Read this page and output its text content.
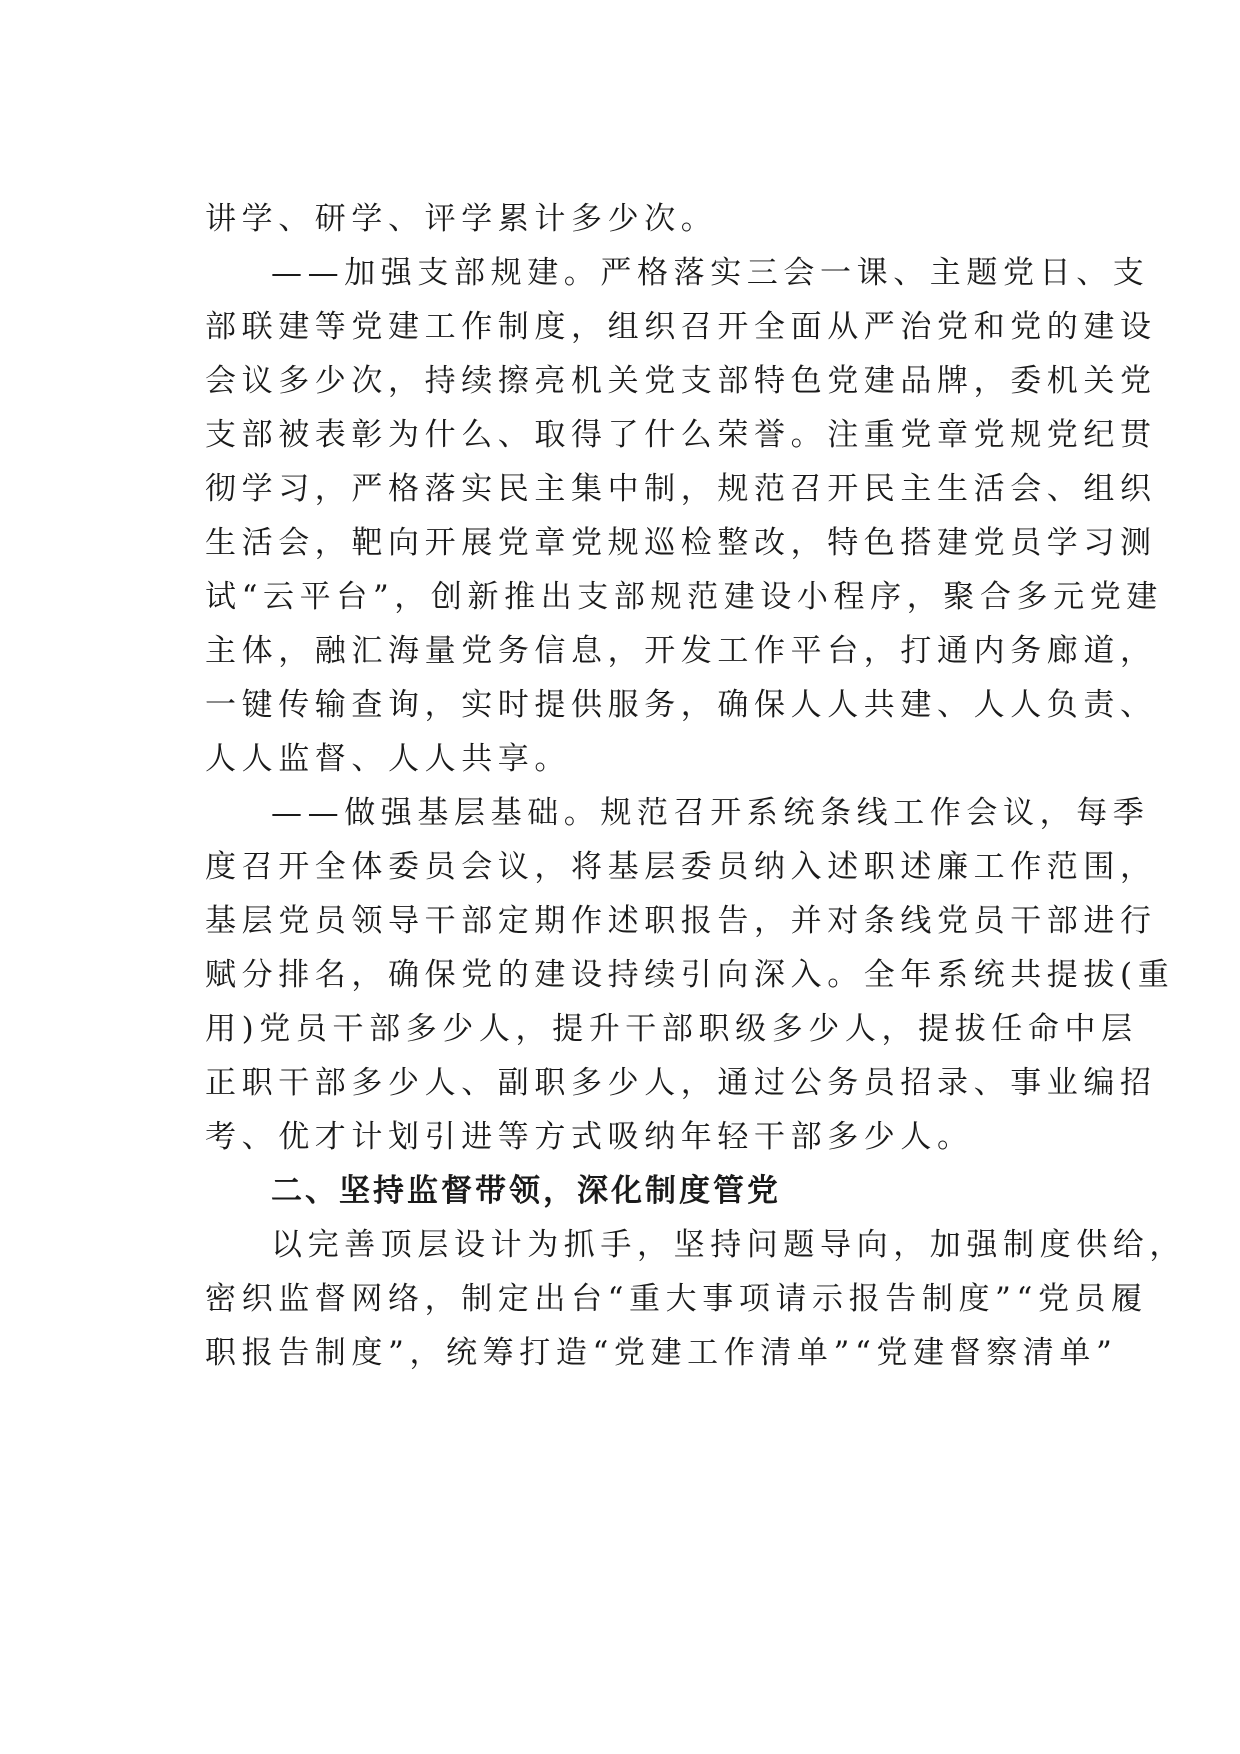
讲学、研学、评学累计多少次。
——加强支部规建。严格落实三会一课、主题党日、支
部联建等党建工作制度，组织召开全面从严治党和党的建设
会议多少次，持续擦亮机关党支部特色党建品牌，委机关党
支部被表彰为什么、取得了什么荣誉。注重党章党规党纪贯
彻学习，严格落实民主集中制，规范召开民主生活会、组织
生活会，靶向开展党章党规巡检整改，特色搭建党员学习测
试“云平台”，创新推出支部规范建设小程序，聚合多元党建
主体，融汇海量党务信息，开发工作平台，打通内务廊道，
一键传输查询，实时提供服务，确保人人共建、人人负责、
人人监督、人人共享。
——做强基层基础。规范召开系统条线工作会议，每季
度召开全体委员会议，将基层委员纳入述职述廉工作范围，
基层党员领导干部定期作述职报告，并对条线党员干部进行
赋分排名，确保党的建设持续引向深入。全年系统共提拔(重
用)党员干部多少人，提升干部职级多少人，提拔任命中层
正职干部多少人、副职多少人，通过公务员招录、事业编招
考、优才计划引进等方式吸纳年轻干部多少人。
二、坚持监督带领，深化制度管党
以完善顶层设计为抓手，坚持问题导向，加强制度供给，
密织监督网络，制定出台“重大事项请示报告制度”“党员履
职报告制度”，统筹打造“党建工作清单”“党建督察清单”
